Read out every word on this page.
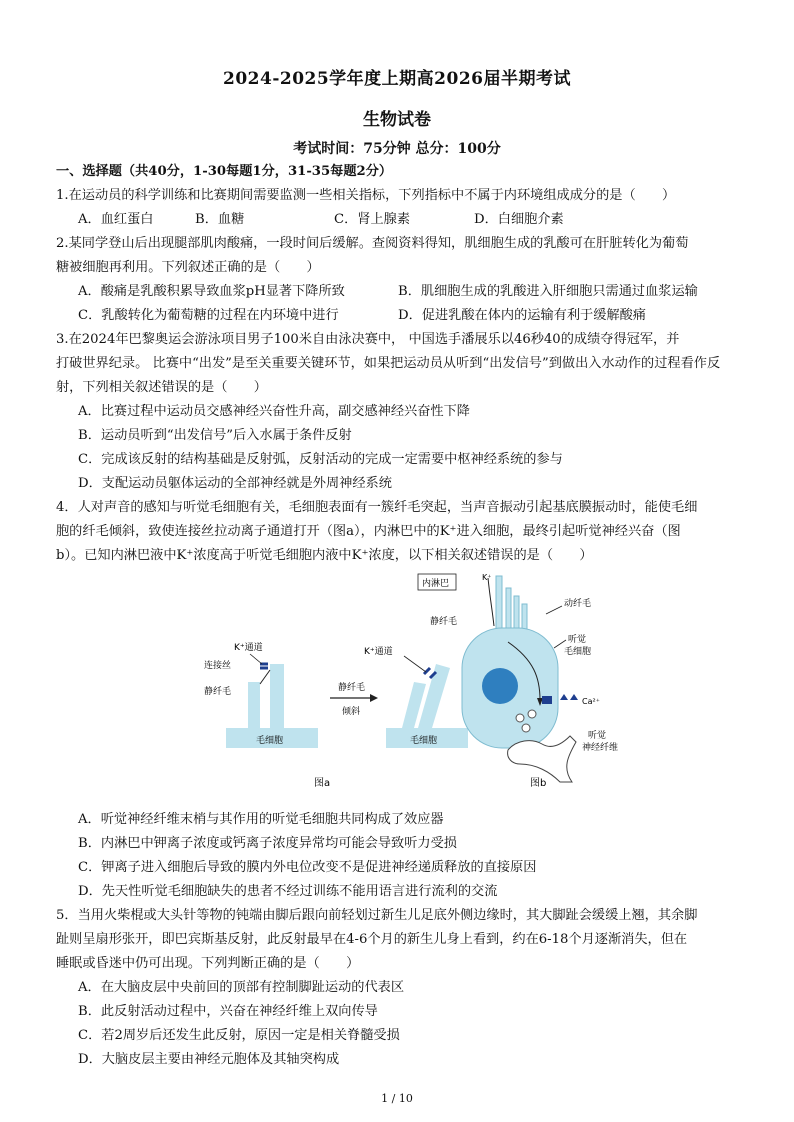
2024-2025学年度上期高2026届半期考试
生物试卷
考试时间：75分钟 总分：100分
一、选择题（共40分，1-30每题1分，31-35每题2分）
1.在运动员的科学训练和比赛期间需要监测一些相关指标，下列指标中不属于内环境组成成分的是（　　）
A．血红蛋白	B．血糖	C．肾上腺素	D．白细胞介素
2.某同学登山后出现腿部肌肉酸痛，一段时间后缓解。查阅资料得知，肌细胞生成的乳酸可在肝脏转化为葡萄
糖被细胞再利用。下列叙述正确的是（　　）
A．酸痛是乳酸积累导致血浆pH显著下降所致	B．肌细胞生成的乳酸进入肝细胞只需通过血浆运输
C．乳酸转化为葡萄糖的过程在内环境中进行	D．促进乳酸在体内的运输有利于缓解酸痛
3.在2024年巴黎奥运会游泳项目男子100米自由泳决赛中， 中国选手潘展乐以46秒40的成绩夺得冠军，并
打破世界纪录。 比赛中“出发”是至关重要关键环节，如果把运动员从听到“出发信号”到做出入水动作的过程看作反
射，下列相关叙述错误的是（　　）
A．比赛过程中运动员交感神经兴奋性升高，副交感神经兴奋性下降
B．运动员听到“出发信号”后入水属于条件反射
C．完成该反射的结构基础是反射弧，反射活动的完成一定需要中枢神经系统的参与
D．支配运动员躯体运动的全部神经就是外周神经系统
4．人对声音的感知与听觉毛细胞有关，毛细胞表面有一簇纤毛突起，当声音振动引起基底膜振动时，能使毛细
胞的纤毛倾斜，致使连接丝拉动离子通道打开（图a），内淋巴中的K⁺进入细胞，最终引起听觉神经兴奋（图
b）。已知内淋巴液中K⁺浓度高于听觉毛细胞内液中K⁺浓度，以下相关叙述错误的是（　　）
K⁺通道
连接丝
静纤毛	静纤毛
倾斜
K⁺通道
毛细胞	毛细胞
图a
内淋巴
K⁺
动纤毛
静纤毛
听觉
毛细胞
Ca²⁺
听觉
神经纤维
图b
A．听觉神经纤维末梢与其作用的听觉毛细胞共同构成了效应器
B．内淋巴中钾离子浓度或钙离子浓度异常均可能会导致听力受损
C．钾离子进入细胞后导致的膜内外电位改变不是促进神经递质释放的直接原因
D．先天性听觉毛细胞缺失的患者不经过训练不能用语言进行流利的交流
5．当用火柴棍或大头针等物的钝端由脚后跟向前轻划过新生儿足底外侧边缘时，其大脚趾会缓缓上翘，其余脚
趾则呈扇形张开，即巴宾斯基反射，此反射最早在4-6个月的新生儿身上看到，约在6-18个月逐渐消失，但在
睡眠或昏迷中仍可出现。下列判断正确的是（　　）
A．在大脑皮层中央前回的顶部有控制脚趾运动的代表区
B．此反射活动过程中，兴奋在神经纤维上双向传导
C．若2周岁后还发生此反射，原因一定是相关脊髓受损
D．大脑皮层主要由神经元胞体及其轴突构成
1 / 10
